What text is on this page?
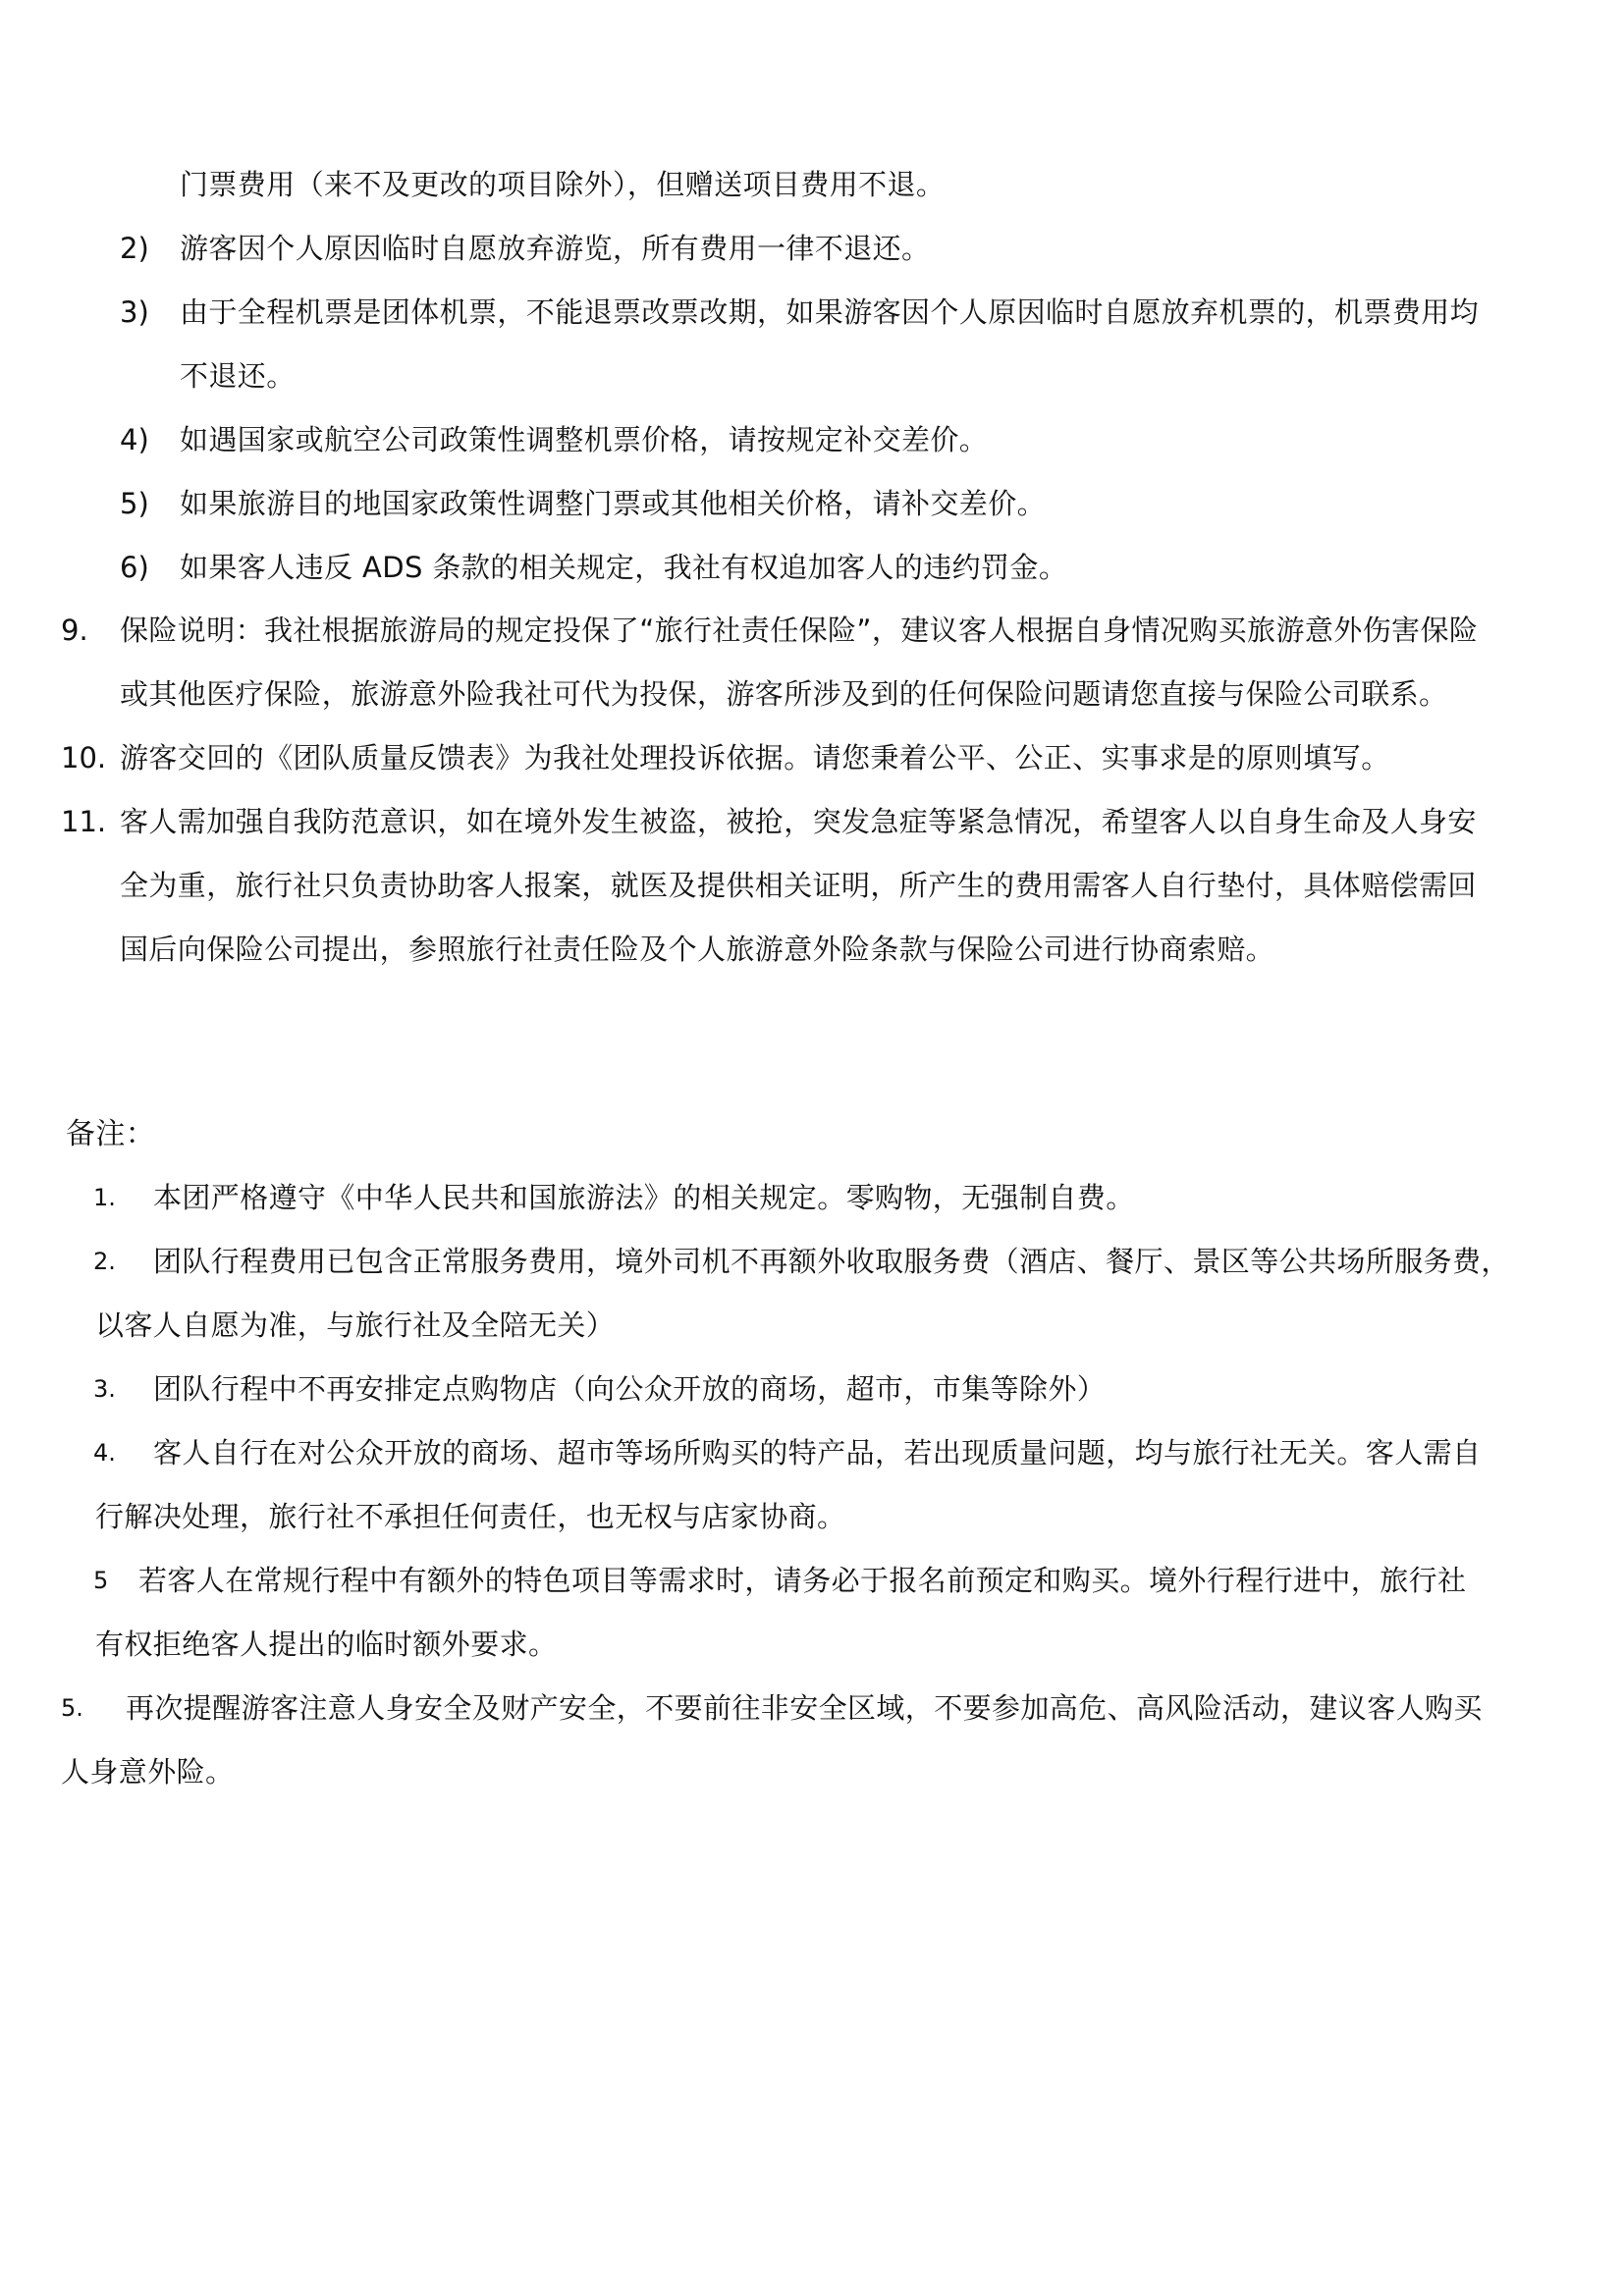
门票费用（来不及更改的项目除外），但赠送项目费用不退。
2) 游客因个人原因临时自愿放弃游览，所有费用一律不退还。
3) 由于全程机票是团体机票，不能退票改票改期，如果游客因个人原因临时自愿放弃机票的，机票费用均
不退还。
4) 如遇国家或航空公司政策性调整机票价格，请按规定补交差价。
5) 如果旅游目的地国家政策性调整门票或其他相关价格，请补交差价。
6) 如果客人违反 ADS 条款的相关规定，我社有权追加客人的违约罚金。
9. 保险说明：我社根据旅游局的规定投保了“旅行社责任保险”，建议客人根据自身情况购买旅游意外伤害保险
或其他医疗保险，旅游意外险我社可代为投保，游客所涉及到的任何保险问题请您直接与保险公司联系。
10. 游客交回的《团队质量反馈表》为我社处理投诉依据。请您秉着公平、公正、实事求是的原则填写。
11. 客人需加强自我防范意识，如在境外发生被盗，被抢，突发急症等紧急情况，希望客人以自身生命及人身安
全为重，旅行社只负责协助客人报案，就医及提供相关证明，所产生的费用需客人自行垫付，具体赔偿需回
国后向保险公司提出，参照旅行社责任险及个人旅游意外险条款与保险公司进行协商索赔。
备注：
1. 本团严格遵守《中华人民共和国旅游法》的相关规定。零购物，无强制自费。
2. 团队行程费用已包含正常服务费用，境外司机不再额外收取服务费（酒店、餐厅、景区等公共场所服务费，
以客人自愿为准，与旅行社及全陪无关）
3. 团队行程中不再安排定点购物店（向公众开放的商场，超市，市集等除外）
4. 客人自行在对公众开放的商场、超市等场所购买的特产品，若出现质量问题，均与旅行社无关。客人需自
行解决处理，旅行社不承担任何责任，也无权与店家协商。
5 若客人在常规行程中有额外的特色项目等需求时，请务必于报名前预定和购买。境外行程行进中，旅行社
有权拒绝客人提出的临时额外要求。
5. 再次提醒游客注意人身安全及财产安全，不要前往非安全区域，不要参加高危、高风险活动，建议客人购买
人身意外险。
